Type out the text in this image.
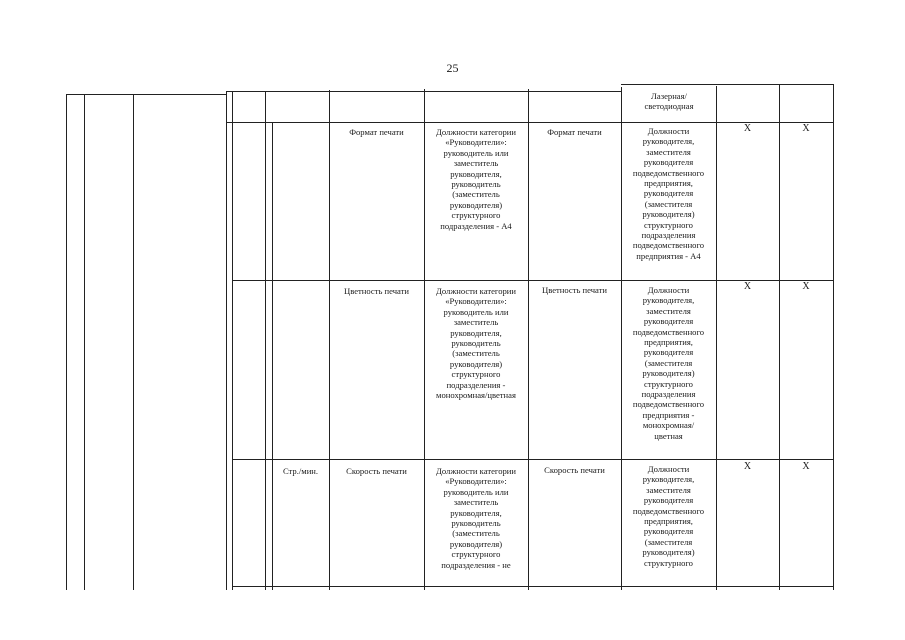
25
Лазерная/
светодиодная
Формат печати	Должности категории
«Руководители»:
руководитель или
заместитель
руководителя,
руководитель
(заместитель
руководителя)
структурного
подразделения - А4
Формат печати	Должности
руководителя,
заместителя
руководителя
подведомственного
предприятия,
руководителя
(заместителя
руководителя)
структурного
подразделения
подведомственного
предприятия - А4
X	X
Цветность печати	Должности категории
«Руководители»:
руководитель или
заместитель
руководителя,
руководитель
(заместитель
руководителя)
структурного
подразделения -
монохромная/цветная
Цветность печати	Должности
руководителя,
заместителя
руководителя
подведомственного
предприятия,
руководителя
(заместителя
руководителя)
структурного
подразделения
подведомственного
предприятия -
монохромная/
цветная
X	X
Стр./мин.	Скорость печати	Должности категории
«Руководители»:
руководитель или
заместитель
руководителя,
руководитель
(заместитель
руководителя)
структурного
подразделения - не
Скорость печати	Должности
руководителя,
заместителя
руководителя
подведомственного
предприятия,
руководителя
(заместителя
руководителя)
структурного
X	X
